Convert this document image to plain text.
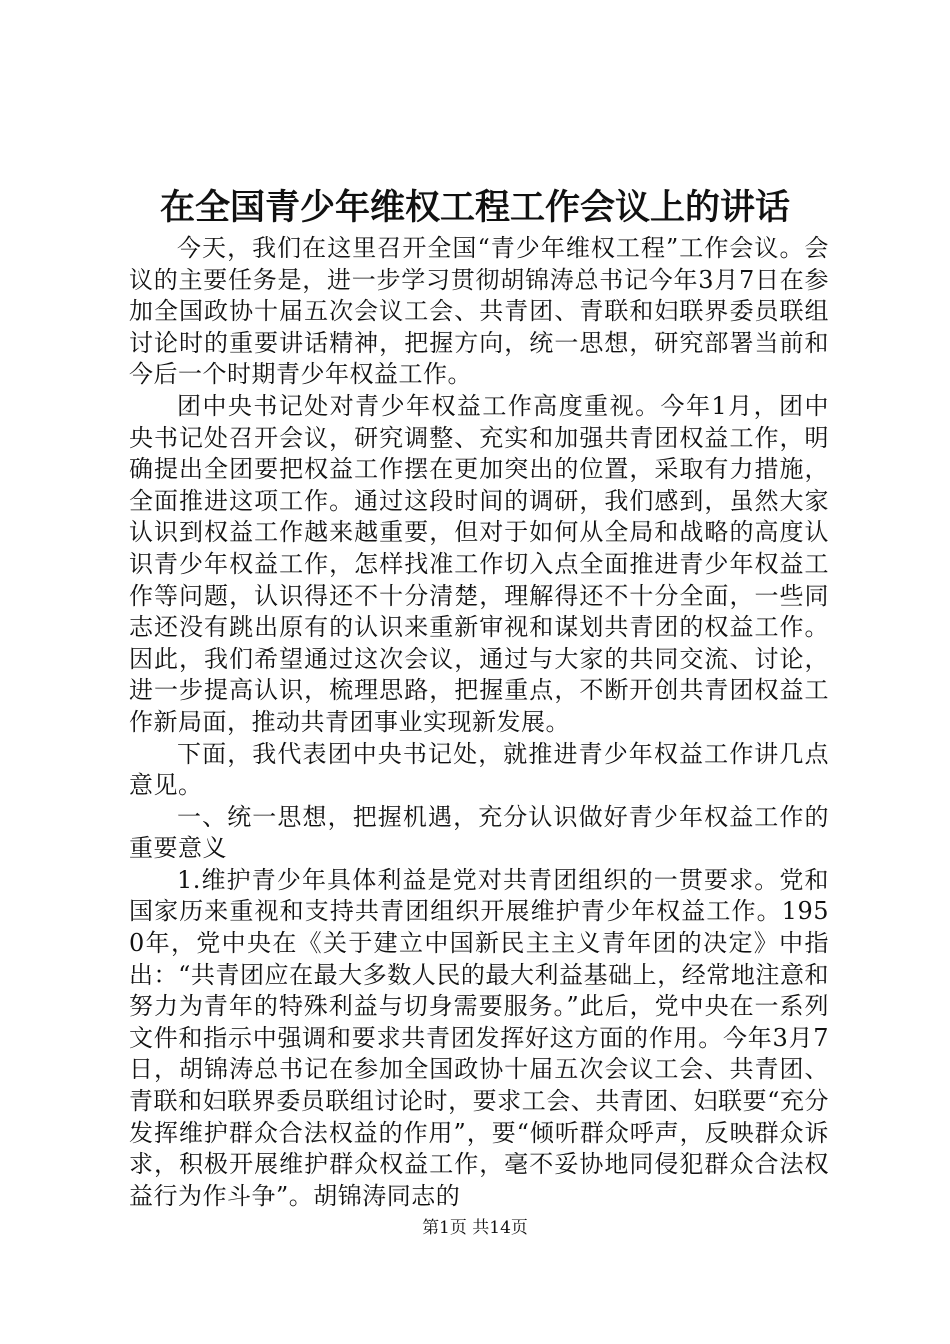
在全国青少年维权工程工作会议上的讲话

今天，我们在这里召开全国“青少年维权工程”工作会议。会议的主要任务是，进一步学习贯彻胡锦涛总书记今年3月7日在参加全国政协十届五次会议工会、共青团、青联和妇联界委员联组讨论时的重要讲话精神，把握方向，统一思想，研究部署当前和今后一个时期青少年权益工作。

团中央书记处对青少年权益工作高度重视。今年1月，团中央书记处召开会议，研究调整、充实和加强共青团权益工作，明确提出全团要把权益工作摆在更加突出的位置，采取有力措施，全面推进这项工作。通过这段时间的调研，我们感到，虽然大家认识到权益工作越来越重要，但对于如何从全局和战略的高度认识青少年权益工作，怎样找准工作切入点全面推进青少年权益工作等问题，认识得还不十分清楚，理解得还不十分全面，一些同志还没有跳出原有的认识来重新审视和谋划共青团的权益工作。因此，我们希望通过这次会议，通过与大家的共同交流、讨论，进一步提高认识，梳理思路，把握重点，不断开创共青团权益工作新局面，推动共青团事业实现新发展。

下面，我代表团中央书记处，就推进青少年权益工作讲几点意见。

一、统一思想，把握机遇，充分认识做好青少年权益工作的重要意义

1.维护青少年具体利益是党对共青团组织的一贯要求。党和国家历来重视和支持共青团组织开展维护青少年权益工作。1950年，党中央在《关于建立中国新民主主义青年团的决定》中指出：“共青团应在最大多数人民的最大利益基础上，经常地注意和努力为青年的特殊利益与切身需要服务。”此后，党中央在一系列文件和指示中强调和要求共青团发挥好这方面的作用。今年3月7日，胡锦涛总书记在参加全国政协十届五次会议工会、共青团、青联和妇联界委员联组讨论时，要求工会、共青团、妇联要“充分发挥维护群众合法权益的作用”，要“倾听群众呼声，反映群众诉求，积极开展维护群众权益工作，毫不妥协地同侵犯群众合法权益行为作斗争”。胡锦涛同志的

第1页 共14页
